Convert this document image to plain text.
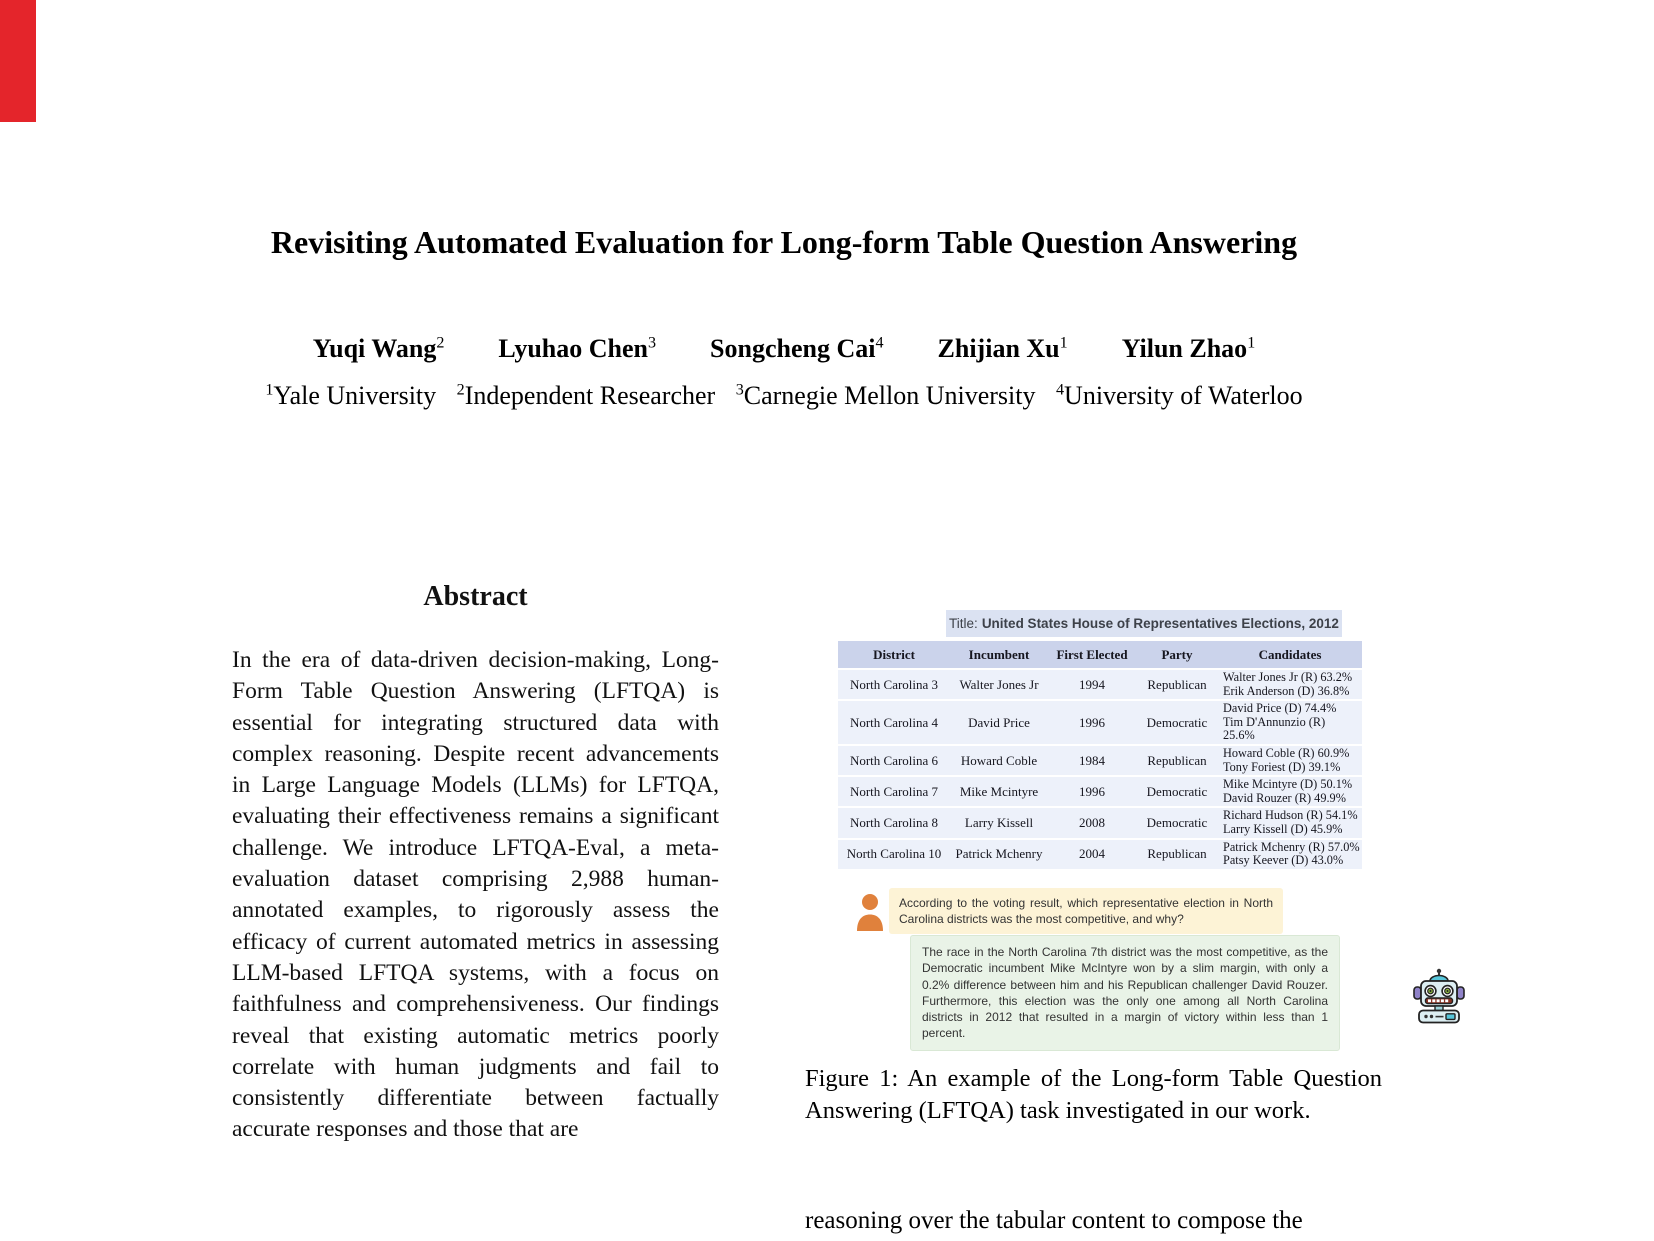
Revisiting Automated Evaluation for Long-form Table Question Answering
Yuqi Wang$^2$ Lyuhao Chen$^3$ Songcheng Cai$^4$ Zhijian Xu$^1$ Yilun Zhao$^1$
$^1$Yale University $^2$Independent Researcher $^3$Carnegie Mellon University $^4$University of Waterloo
Abstract
In the era of data-driven decision-making, Long-Form Table Question Answering (LFTQA) is essential for integrating structured data with complex reasoning. Despite recent advancements in Large Language Models (LLMs) for LFTQA, evaluating their effectiveness remains a significant challenge. We introduce LFTQA-Eval, a meta-evaluation dataset comprising 2,988 human-annotated examples, to rigorously assess the efficacy of current automated metrics in assessing LLM-based LFTQA systems, with a focus on faithfulness and comprehensiveness. Our findings reveal that existing automatic metrics poorly correlate with human judgments and fail to consistently differentiate between factually accurate responses and those that are
Title: United States House of Representatives Elections, 2012
District	Incumbent	First Elected	Party	Candidates
North Carolina 3	Walter Jones Jr	1994	Republican	Walter Jones Jr (R) 63.2%
Erik Anderson (D) 36.8%
North Carolina 4	David Price	1996	Democratic
David Price (D) 74.4%
Tim D'Annunzio (R) 25.6%
North Carolina 6	Howard Coble	1984	Republican	Howard Coble (R) 60.9%
Tony Foriest (D) 39.1%
North Carolina 7	Mike Mcintyre	1996	Democratic	Mike Mcintyre (D) 50.1%
David Rouzer (R) 49.9%
North Carolina 8	Larry Kissell	2008	Democratic	Richard Hudson (R) 54.1%
Larry Kissell (D) 45.9%
North Carolina 10	Patrick Mchenry	2004	Republican	Patrick Mchenry (R) 57.0%
Patsy Keever (D) 43.0%
According to the voting result, which representative election in North Carolina districts was the most competitive, and why?
The race in the North Carolina 7th district was the most competitive, as the Democratic incumbent Mike McIntyre won by a slim margin, with only a 0.2% difference between him and his Republican challenger David Rouzer. Furthermore, this election was the only one among all North Carolina districts in 2012 that resulted in a margin of victory within less than 1 percent.
Figure 1: An example of the Long-form Table Question Answering (LFTQA) task investigated in our work.
reasoning over the tabular content to compose the
